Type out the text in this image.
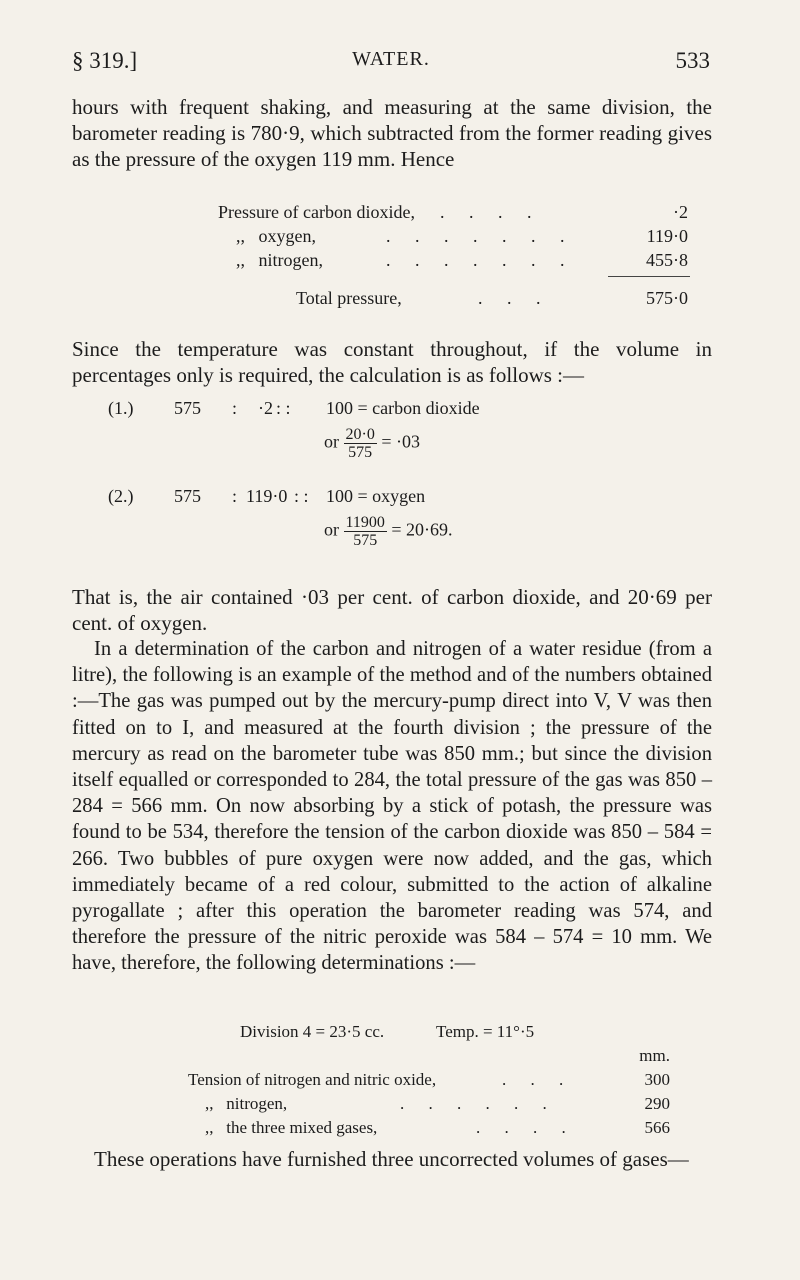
§ 319.]	WATER.	533

hours with frequent shaking, and measuring at the same division, the barometer reading is 780·9, which subtracted from the former reading gives as the pressure of the oxygen 119 mm. Hence

Pressure of carbon dioxide, . . . .	·2
,,   oxygen,	. . . . . . .	119·0
,,   nitrogen,	. . . . . . .	455·8
Total pressure,	. . .	575·0

Since the temperature was constant throughout, if the volume in percentages only is required, the calculation is as follows :—

(1.) 575 : ·2 : : 100 = carbon dioxide
or $\frac{20\cdot 0}{575} = \cdot 03$
(2.) 575 : 119·0 : : 100 = oxygen
or $\frac{11900}{575} = 20\cdot 69$.

That is, the air contained ·03 per cent. of carbon dioxide, and 20·69 per cent. of oxygen.

In a determination of the carbon and nitrogen of a water residue (from a litre), the following is an example of the method and of the numbers obtained :—The gas was pumped out by the mercury-pump direct into V, V was then fitted on to I, and measured at the fourth division ; the pressure of the mercury as read on the barometer tube was 850 mm.; but since the division itself equalled or corresponded to 284, the total pressure of the gas was 850 – 284 = 566 mm. On now absorbing by a stick of potash, the pressure was found to be 534, therefore the tension of the carbon dioxide was 850 – 584 = 266. Two bubbles of pure oxygen were now added, and the gas, which immediately became of a red colour, submitted to the action of alkaline pyrogallate ; after this operation the barometer reading was 574, and therefore the pressure of the nitric peroxide was 584 – 574 = 10 mm. We have, therefore, the following determinations :—

Division 4 = 23·5 cc.	Temp. = 11°·5
mm.
Tension of nitrogen and nitric oxide,	. . .	300
,,   nitrogen,	. . . . . .	290
,,   the three mixed gases,	. . . .	566

These operations have furnished three uncorrected volumes of gases—
